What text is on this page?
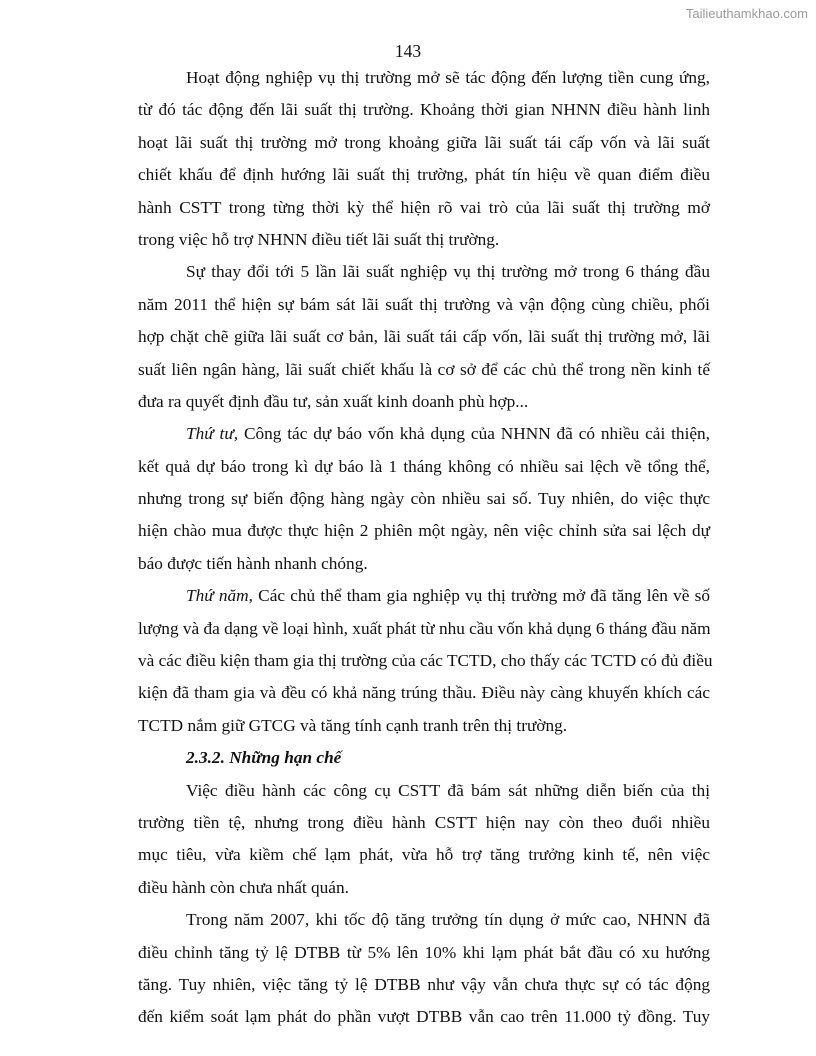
Tailieuthamkhao.com
143
Hoạt động nghiệp vụ thị trường mở sẽ tác động đến lượng tiền cung ứng,
từ đó tác động đến lãi suất thị trường. Khoảng thời gian NHNN điều hành linh
hoạt lãi suất thị trường mở trong khoảng giữa lãi suất tái cấp vốn và lãi suất
chiết khấu để định hướng lãi suất thị trường, phát tín hiệu về quan điểm điều
hành CSTT trong từng thời kỳ thể hiện rõ vai trò của lãi suất thị trường mở
trong việc hỗ trợ NHNN điều tiết lãi suất thị trường.
Sự thay đổi tới 5 lần lãi suất nghiệp vụ thị trường mở trong 6 tháng đầu
năm 2011 thể hiện sự bám sát lãi suất thị trường và vận động cùng chiều, phối
hợp chặt chẽ giữa lãi suất cơ bản, lãi suất tái cấp vốn, lãi suất thị trường mở, lãi
suất liên ngân hàng, lãi suất chiết khấu là cơ sở để các chủ thể trong nền kinh tế
đưa ra quyết định đầu tư, sản xuất kinh doanh phù hợp...
Thứ tư, Công tác dự báo vốn khả dụng của NHNN đã có nhiều cải thiện,
kết quả dự báo trong kì dự báo là 1 tháng không có nhiều sai lệch về tổng thể,
nhưng trong sự biến động hàng ngày còn nhiều sai số. Tuy nhiên, do việc thực
hiện chào mua được thực hiện 2 phiên một ngày, nên việc chỉnh sửa sai lệch dự
báo được tiến hành nhanh chóng.
Thứ năm, Các chủ thể tham gia nghiệp vụ thị trường mở đã tăng lên về số
lượng và đa dạng về loại hình, xuất phát từ nhu cầu vốn khả dụng 6 tháng đầu năm
và các điều kiện tham gia thị trường của các TCTD, cho thấy các TCTD có đủ điều
kiện đã tham gia và đều có khả năng trúng thầu. Điều này càng khuyến khích các
TCTD nắm giữ GTCG và tăng tính cạnh tranh trên thị trường.
2.3.2. Những hạn chế
Việc điều hành các công cụ CSTT đã bám sát những diễn biến của thị
trường tiền tệ, nhưng trong điều hành CSTT hiện nay còn theo đuổi nhiều
mục tiêu, vừa kiềm chế lạm phát, vừa hỗ trợ tăng trưởng kinh tế, nên việc
điều hành còn chưa nhất quán.
Trong năm 2007, khi tốc độ tăng trưởng tín dụng ở mức cao, NHNN đã
điều chỉnh tăng tỷ lệ DTBB từ 5% lên 10% khi lạm phát bắt đầu có xu hướng
tăng. Tuy nhiên, việc tăng tỷ lệ DTBB như vậy vẫn chưa thực sự có tác động
đến kiểm soát lạm phát do phần vượt DTBB vẫn cao trên 11.000 tỷ đồng. Tuy
